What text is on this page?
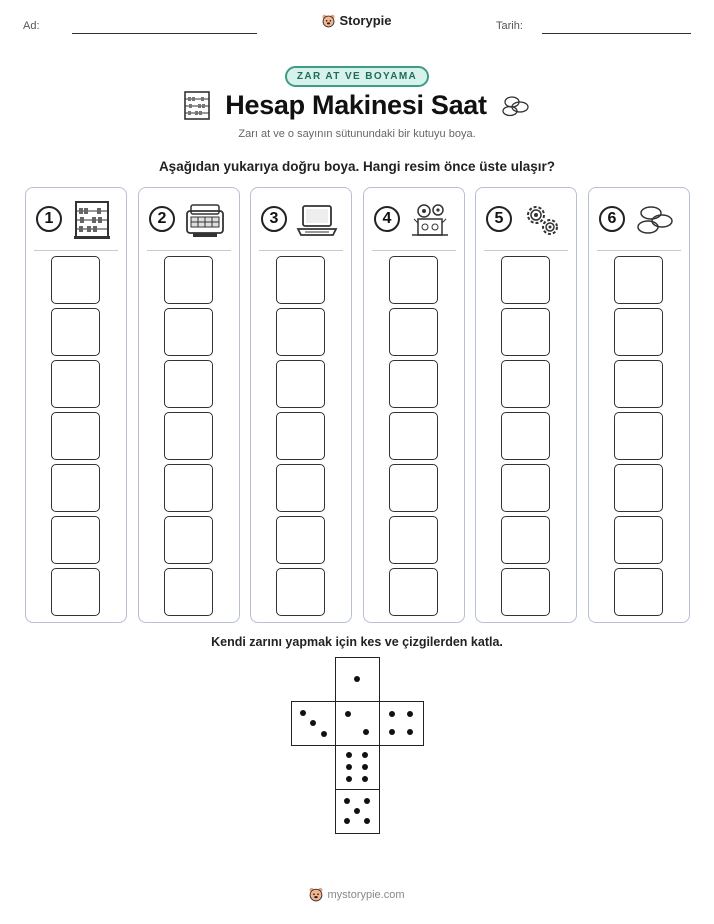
Ad:	Storypie	Tarih:
ZAR AT VE BOYAMA
Hesap Makinesi Saat
Zarı at ve o sayının sütunundaki bir kutuyu boya.
Aşağıdan yukarıya doğru boya. Hangi resim önce üste ulaşır?
1	2	3	4	5	6
Kendi zarını yapmak için kes ve çizgilerden katla.
mystorypie.com
